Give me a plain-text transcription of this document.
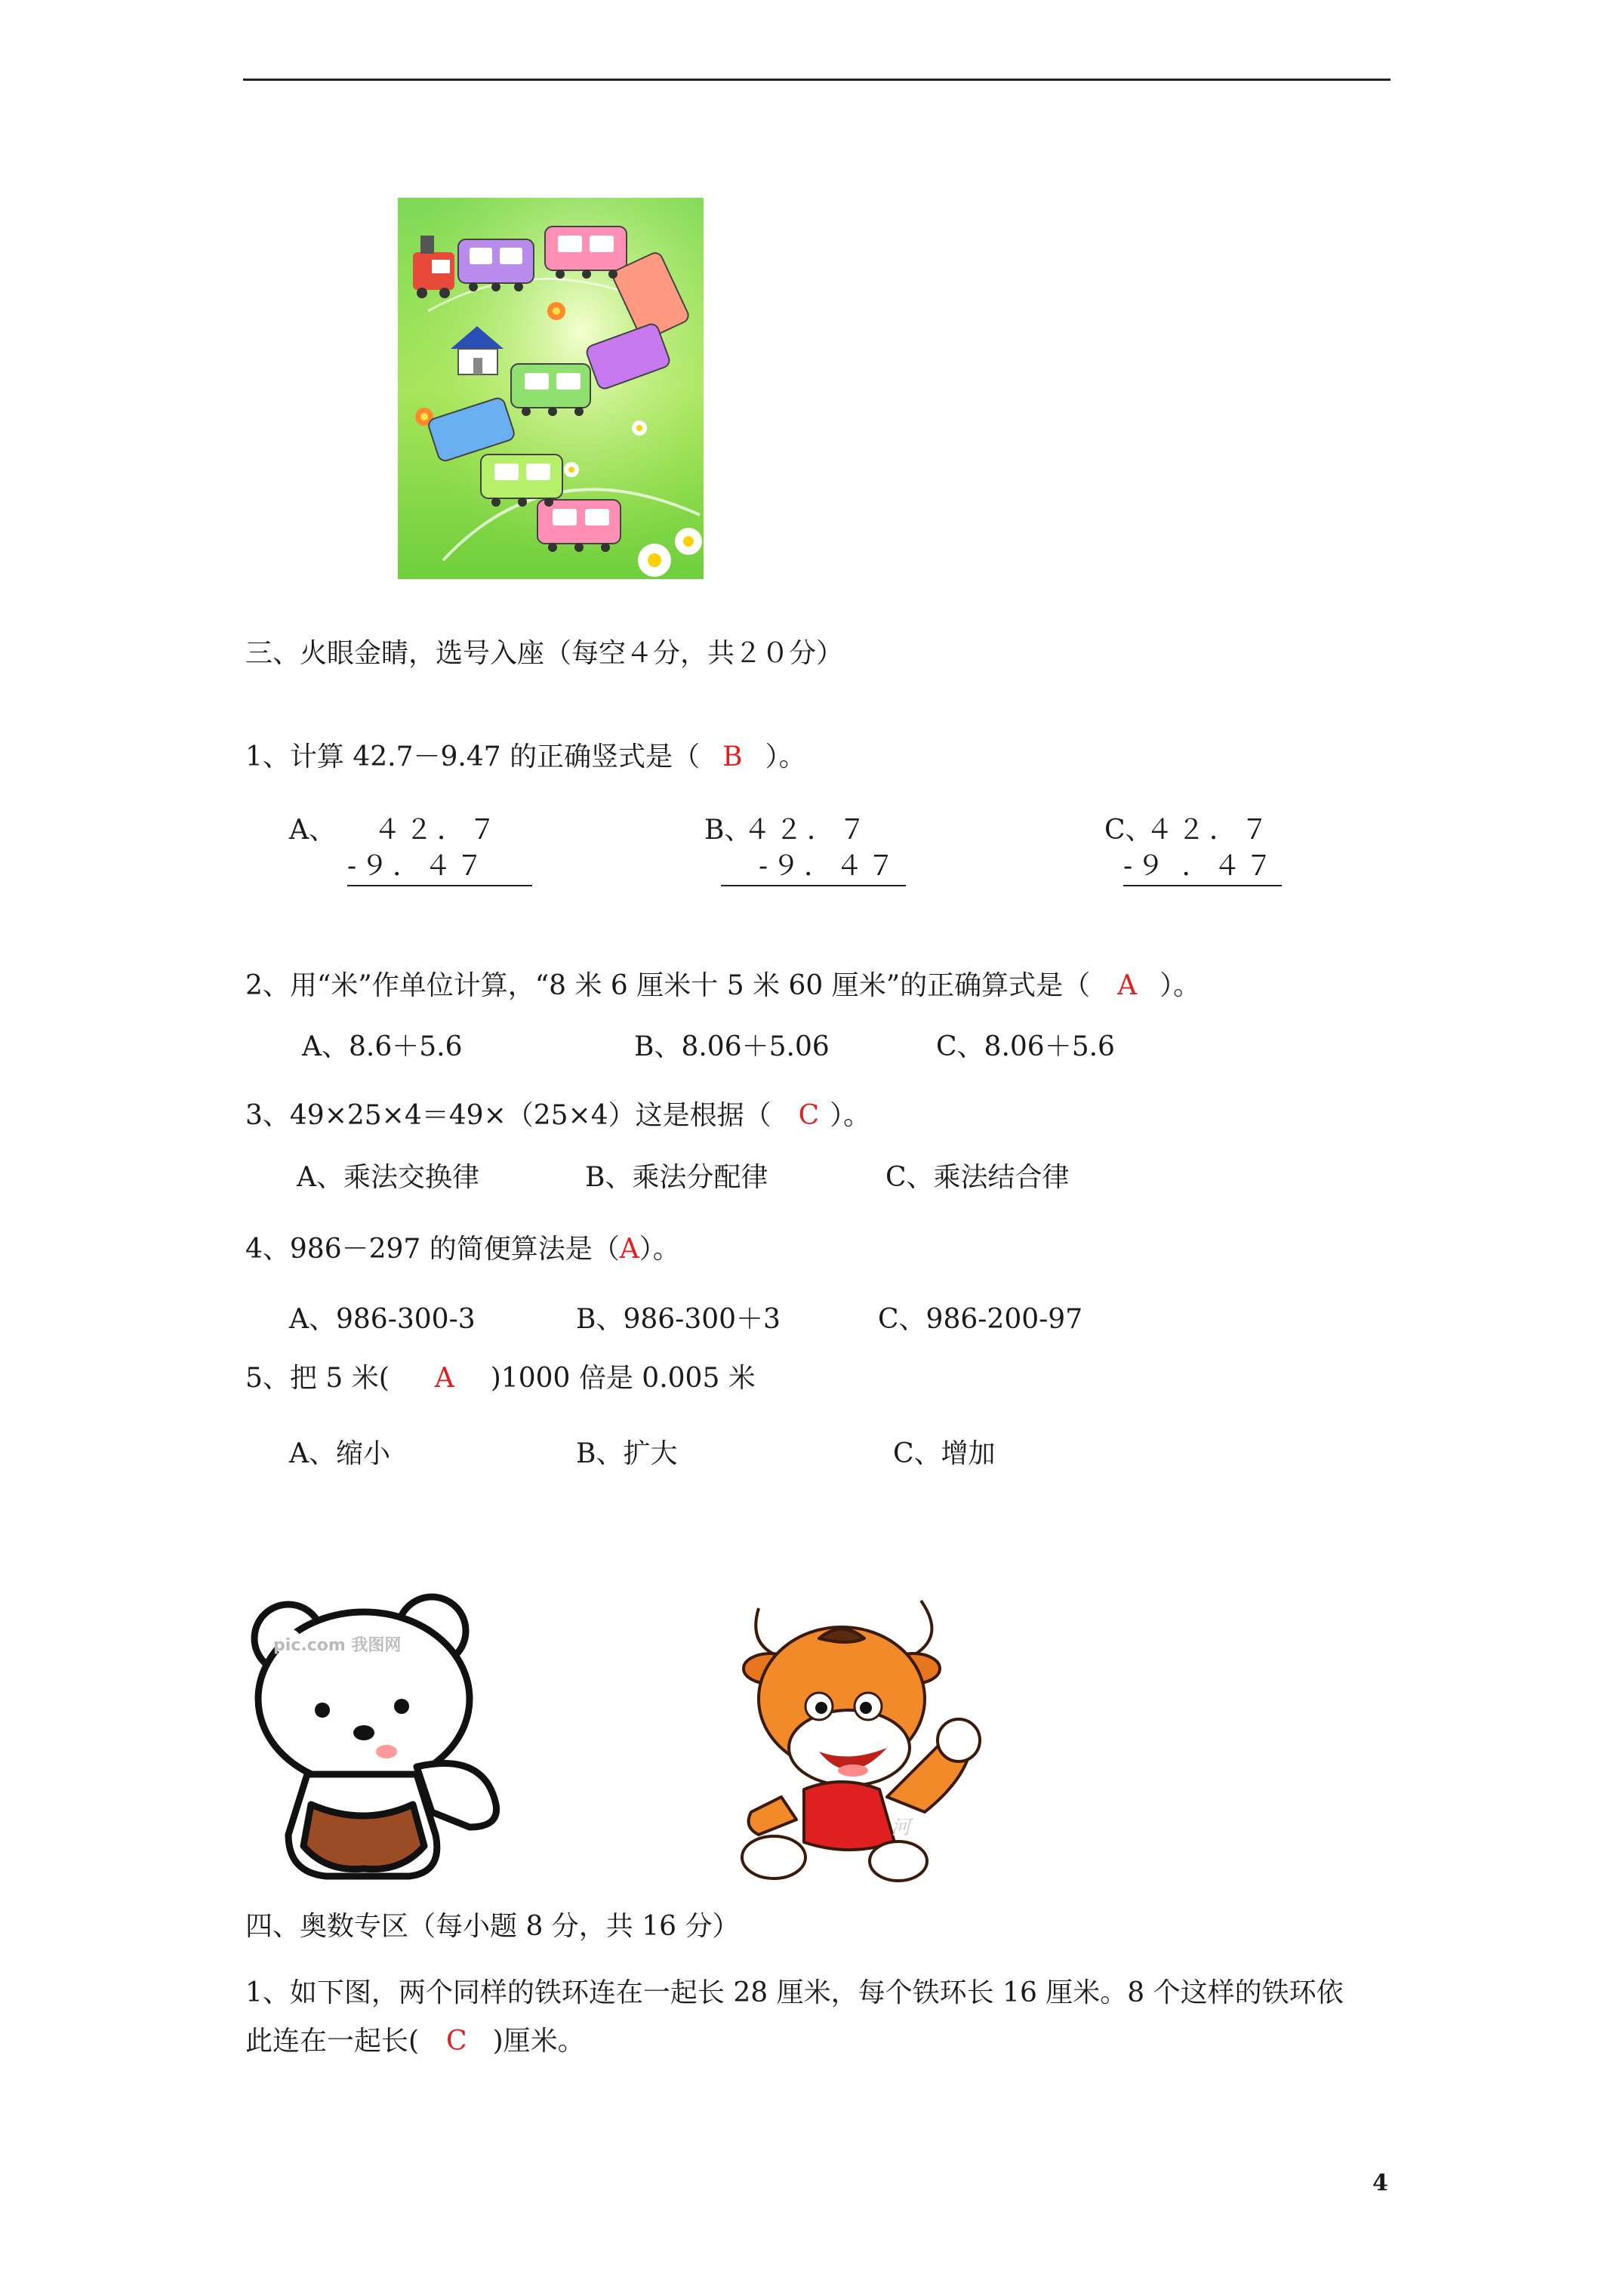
三、火眼金睛，选号入座（每空４分，共２０分）
1、计算 42.7－9.47 的正确竖式是（ B ）。
A、 ４２．７
-９．４７
B、
４２．７
-９．４７
C、
４２．７
-９ ．４７
2、用“米”作单位计算，“8 米 6 厘米十 5 米 60 厘米”的正确算式是（ A ）。
A、8.6＋5.6	B、8.06＋5.06	C、8.06＋5.6
3、49×25×4＝49×（25×4）这是根据（ C ）。
A、乘法交换律	B、乘法分配律	C、乘法结合律
4、986－297 的简便算法是（A）。
A、986-300-3	B、986-300＋3	C、986-200-97
5、把 5 米( A )1000 倍是 0.005 米
A、缩小	B、扩大	C、增加
pic.com 我图网
河
四、奥数专区（每小题 8 分，共 16 分）
1、如下图，两个同样的铁环连在一起长 28 厘米，每个铁环长 16 厘米。8 个这样的铁环依
此连在一起长( C )厘米。
4
